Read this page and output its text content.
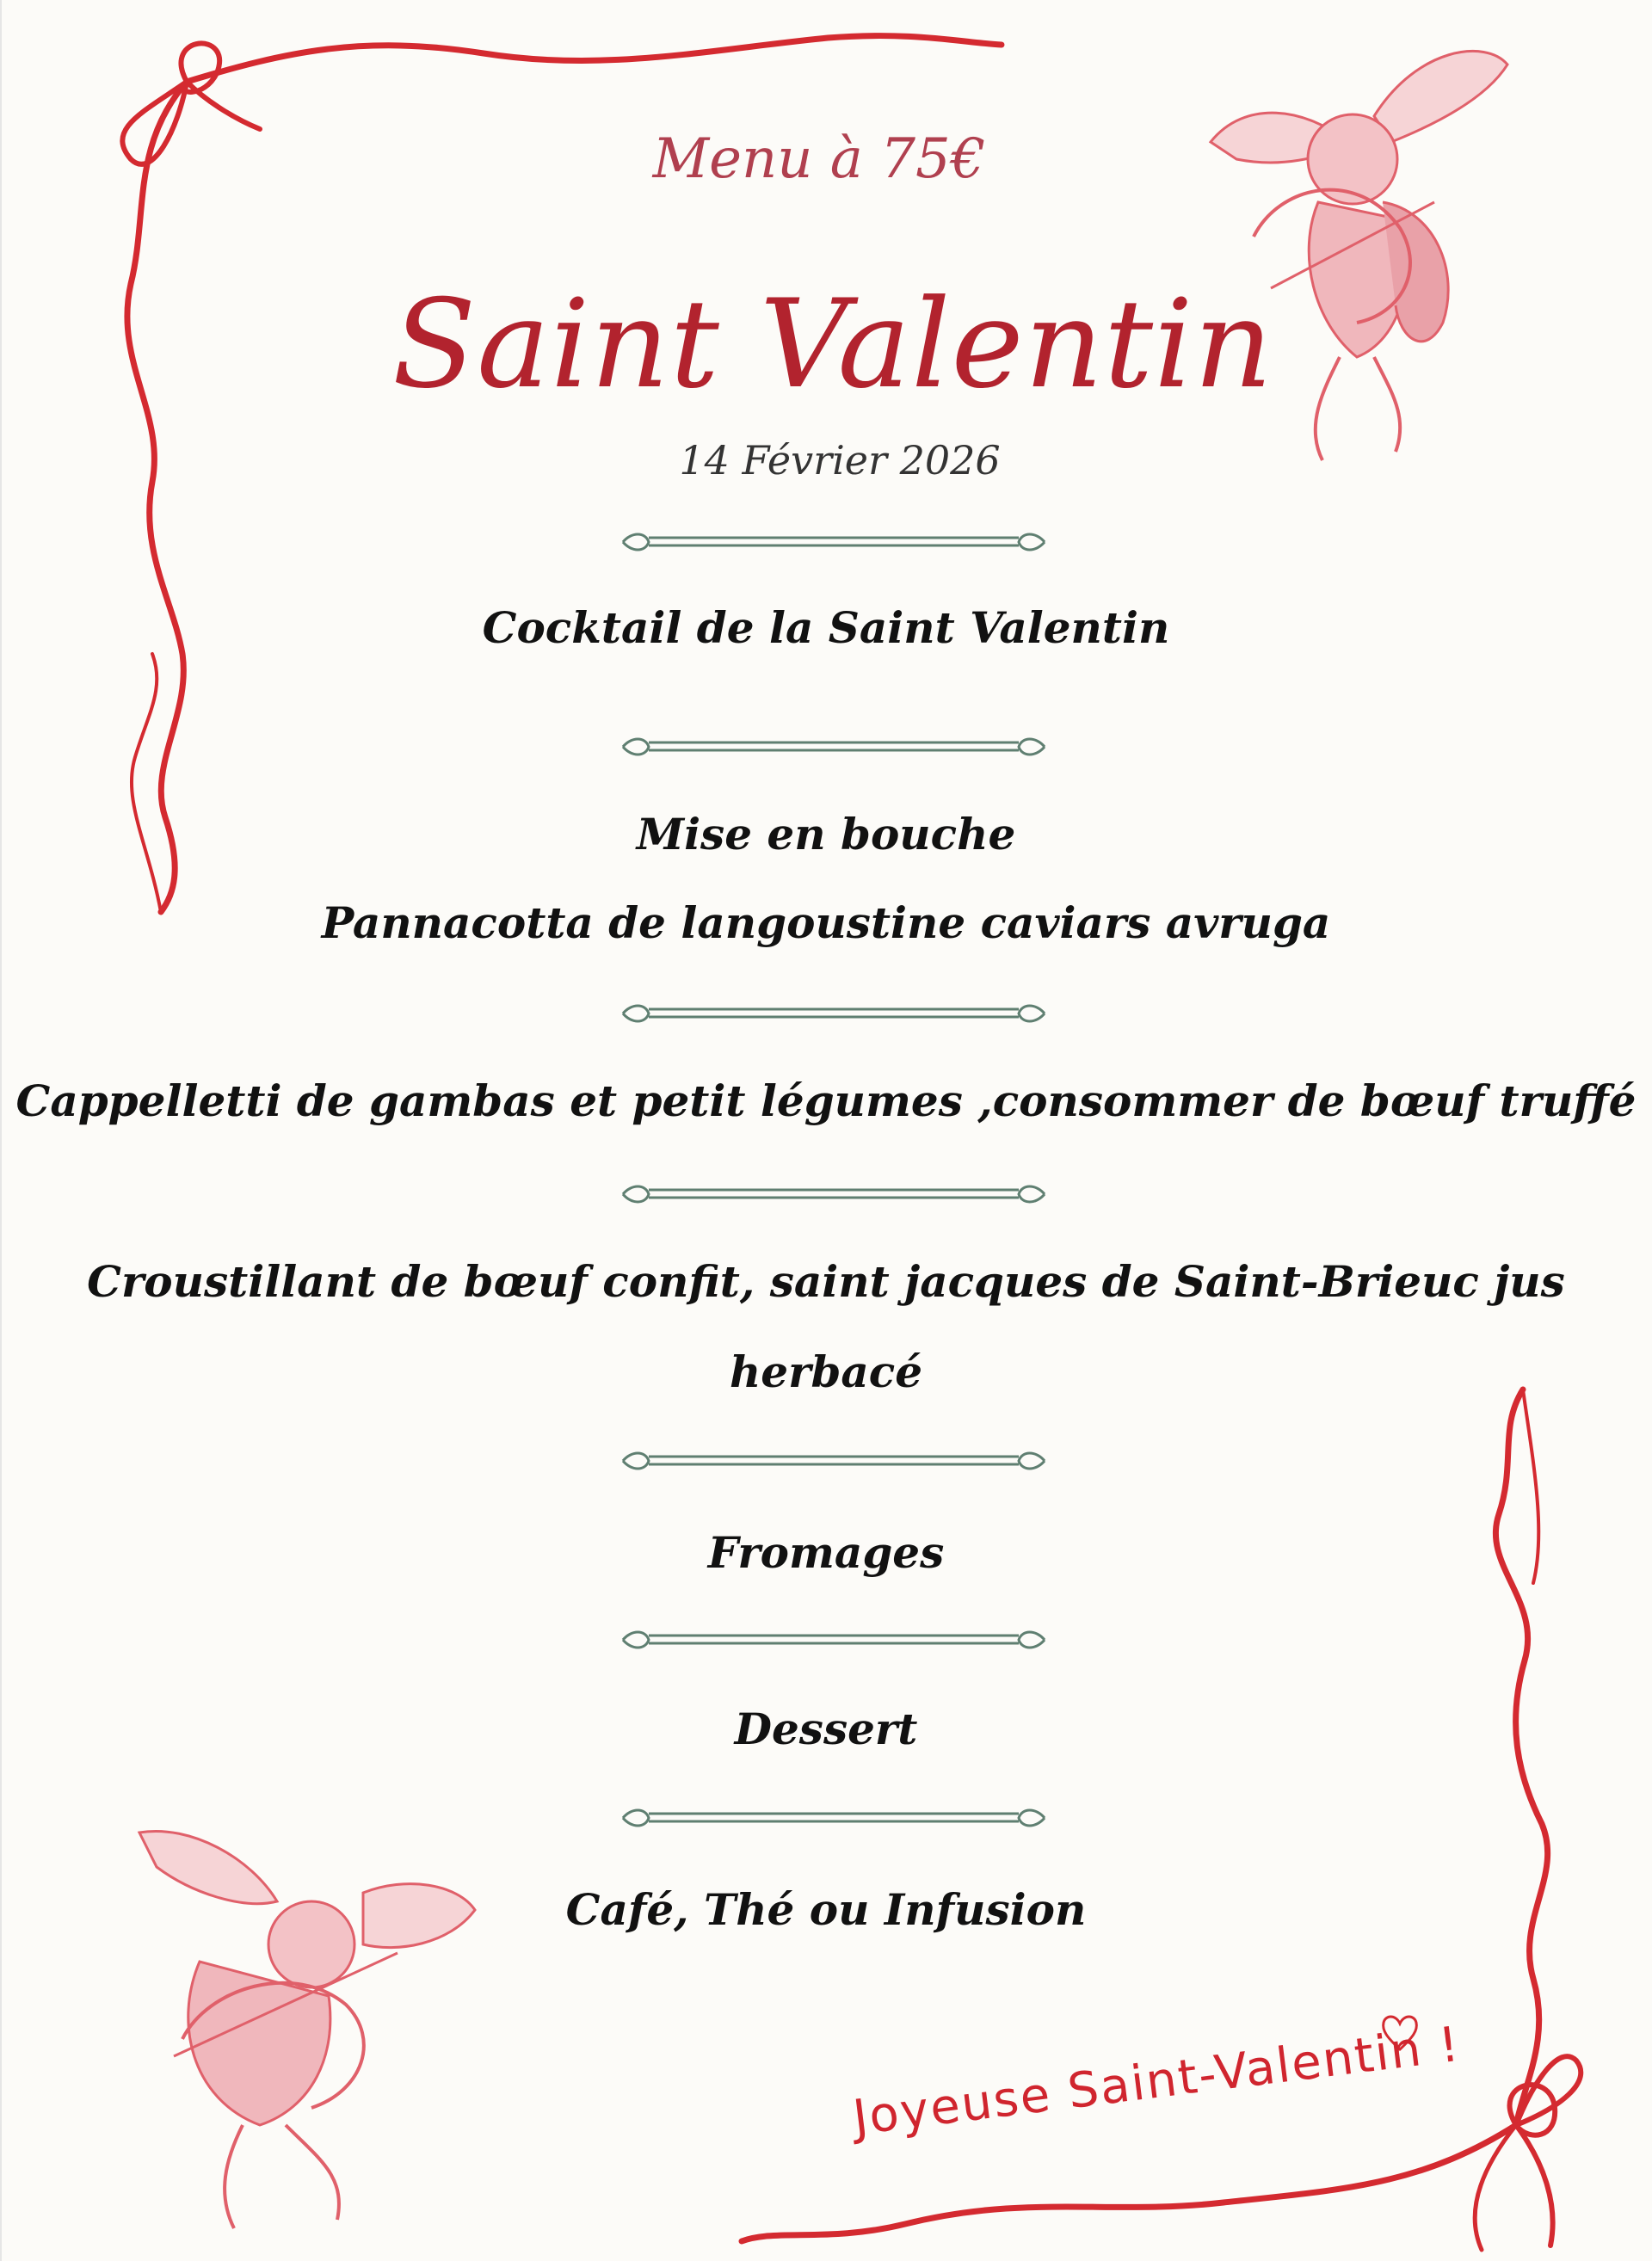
Menu à 75€
Saint Valentin
14 Février 2026
Cocktail de la Saint Valentin
Mise en bouche
Pannacotta de langoustine caviars avruga
Cappelletti de gambas et petit légumes ,consommer de bœuf truffé
Croustillant de bœuf confit, saint jacques de Saint-Brieuc jus
herbacé
Fromages
Dessert
Café, Thé ou Infusion
Joyeuse Saint-Valentin !
